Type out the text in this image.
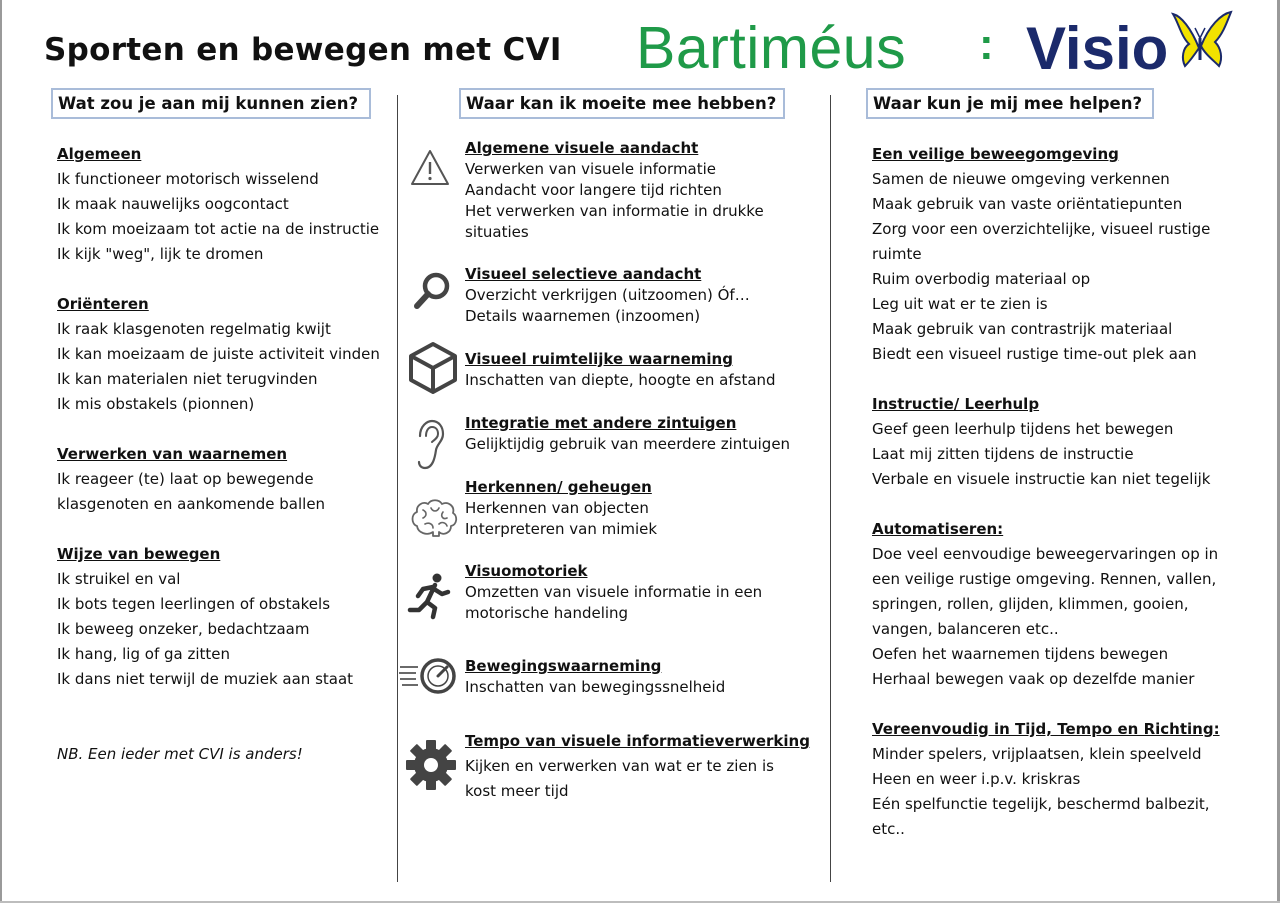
Sporten en bewegen met CVI Bartiméus : Visio
Wat zou je aan mij kunnen zien?	Waar kan ik moeite mee hebben?	Waar kun je mij mee helpen?
Algemeen
Ik functioneer motorisch wisselend
Ik maak nauwelijks oogcontact
Ik kom moeizaam tot actie na de instructie
Ik kijk "weg", lijk te dromen
Oriënteren
Ik raak klasgenoten regelmatig kwijt
Ik kan moeizaam de juiste activiteit vinden
Ik kan materialen niet terugvinden
Ik mis obstakels (pionnen)
Verwerken van waarnemen
Ik reageer (te) laat op bewegende
klasgenoten en aankomende ballen
Wijze van bewegen
Ik struikel en val
Ik bots tegen leerlingen of obstakels
Ik beweeg onzeker, bedachtzaam
Ik hang, lig of ga zitten
Ik dans niet terwijl de muziek aan staat
NB. Een ieder met CVI is anders!
Algemene visuele aandacht
Verwerken van visuele informatie
Aandacht voor langere tijd richten
Het verwerken van informatie in drukke
situaties
Visueel selectieve aandacht
Overzicht verkrijgen (uitzoomen) Óf…
Details waarnemen (inzoomen)
Visueel ruimtelijke waarneming
Inschatten van diepte, hoogte en afstand
Integratie met andere zintuigen
Gelijktijdig gebruik van meerdere zintuigen
Herkennen/ geheugen
Herkennen van objecten
Interpreteren van mimiek
Visuomotoriek
Omzetten van visuele informatie in een
motorische handeling
Bewegingswaarneming
Inschatten van bewegingssnelheid
Tempo van visuele informatieverwerking
Kijken en verwerken van wat er te zien is
kost meer tijd
Een veilige beweegomgeving
Samen de nieuwe omgeving verkennen
Maak gebruik van vaste oriëntatiepunten
Zorg voor een overzichtelijke, visueel rustige
ruimte
Ruim overbodig materiaal op
Leg uit wat er te zien is
Maak gebruik van contrastrijk materiaal
Biedt een visueel rustige time-out plek aan
Instructie/ Leerhulp
Geef geen leerhulp tijdens het bewegen
Laat mij zitten tijdens de instructie
Verbale en visuele instructie kan niet tegelijk
Automatiseren:
Doe veel eenvoudige beweegervaringen op in
een veilige rustige omgeving. Rennen, vallen,
springen, rollen, glijden, klimmen, gooien,
vangen, balanceren etc..
Oefen het waarnemen tijdens bewegen
Herhaal bewegen vaak op dezelfde manier
Vereenvoudig in Tijd, Tempo en Richting:
Minder spelers, vrijplaatsen, klein speelveld
Heen en weer i.p.v. kriskras
Eén spelfunctie tegelijk, beschermd balbezit,
etc..
